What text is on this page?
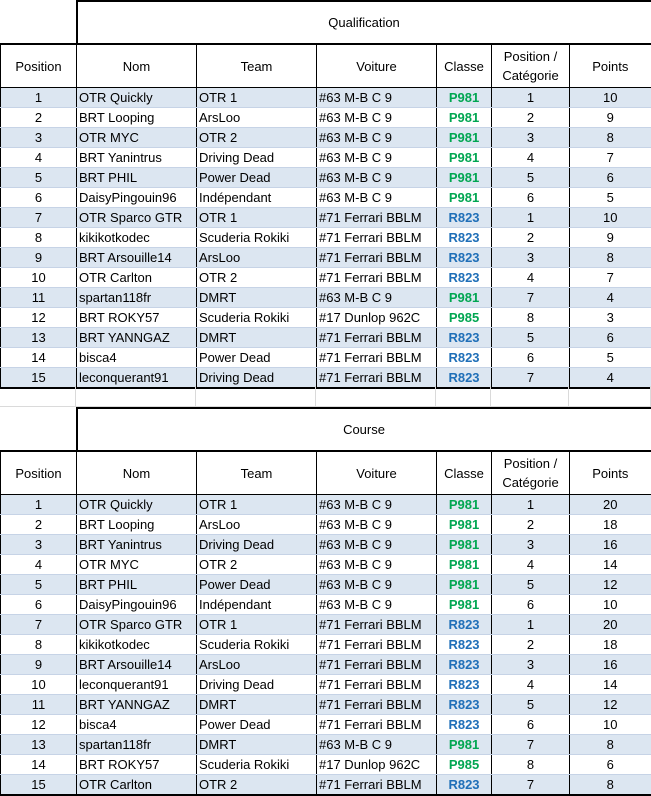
	Qualification					
Position	Nom	Team	Voiture	Classe	Position /
Catégorie	Points
1	OTR Quickly	OTR 1	#63 M-B C 9	P981	1	10
2	BRT Looping	ArsLoo	#63 M-B C 9	P981	2	9
3	OTR MYC	OTR 2	#63 M-B C 9	P981	3	8
4	BRT Yanintrus	Driving Dead	#63 M-B C 9	P981	4	7
5	BRT PHIL	Power Dead	#63 M-B C 9	P981	5	6
6	DaisyPingouin96	Indépendant	#63 M-B C 9	P981	6	5
7	OTR Sparco GTR	OTR 1	#71 Ferrari BBLM	R823	1	10
8	kikikotkodec	Scuderia Rokiki	#71 Ferrari BBLM	R823	2	9
9	BRT Arsouille14	ArsLoo	#71 Ferrari BBLM	R823	3	8
10	OTR Carlton	OTR 2	#71 Ferrari BBLM	R823	4	7
11	spartan118fr	DMRT	#63 M-B C 9	P981	7	4
12	BRT ROKY57	Scuderia Rokiki	#17 Dunlop 962C	P985	8	3
13	BRT YANNGAZ	DMRT	#71 Ferrari BBLM	R823	5	6
14	bisca4	Power Dead	#71 Ferrari BBLM	R823	6	5
15	leconquerant91	Driving Dead	#71 Ferrari BBLM	R823	7	4
	Course					
Position	Nom	Team	Voiture	Classe	Position /
Catégorie	Points
1	OTR Quickly	OTR 1	#63 M-B C 9	P981	1	20
2	BRT Looping	ArsLoo	#63 M-B C 9	P981	2	18
3	BRT Yanintrus	Driving Dead	#63 M-B C 9	P981	3	16
4	OTR MYC	OTR 2	#63 M-B C 9	P981	4	14
5	BRT PHIL	Power Dead	#63 M-B C 9	P981	5	12
6	DaisyPingouin96	Indépendant	#63 M-B C 9	P981	6	10
7	OTR Sparco GTR	OTR 1	#71 Ferrari BBLM	R823	1	20
8	kikikotkodec	Scuderia Rokiki	#71 Ferrari BBLM	R823	2	18
9	BRT Arsouille14	ArsLoo	#71 Ferrari BBLM	R823	3	16
10	leconquerant91	Driving Dead	#71 Ferrari BBLM	R823	4	14
11	BRT YANNGAZ	DMRT	#71 Ferrari BBLM	R823	5	12
12	bisca4	Power Dead	#71 Ferrari BBLM	R823	6	10
13	spartan118fr	DMRT	#63 M-B C 9	P981	7	8
14	BRT ROKY57	Scuderia Rokiki	#17 Dunlop 962C	P985	8	6
15	OTR Carlton	OTR 2	#71 Ferrari BBLM	R823	7	8
